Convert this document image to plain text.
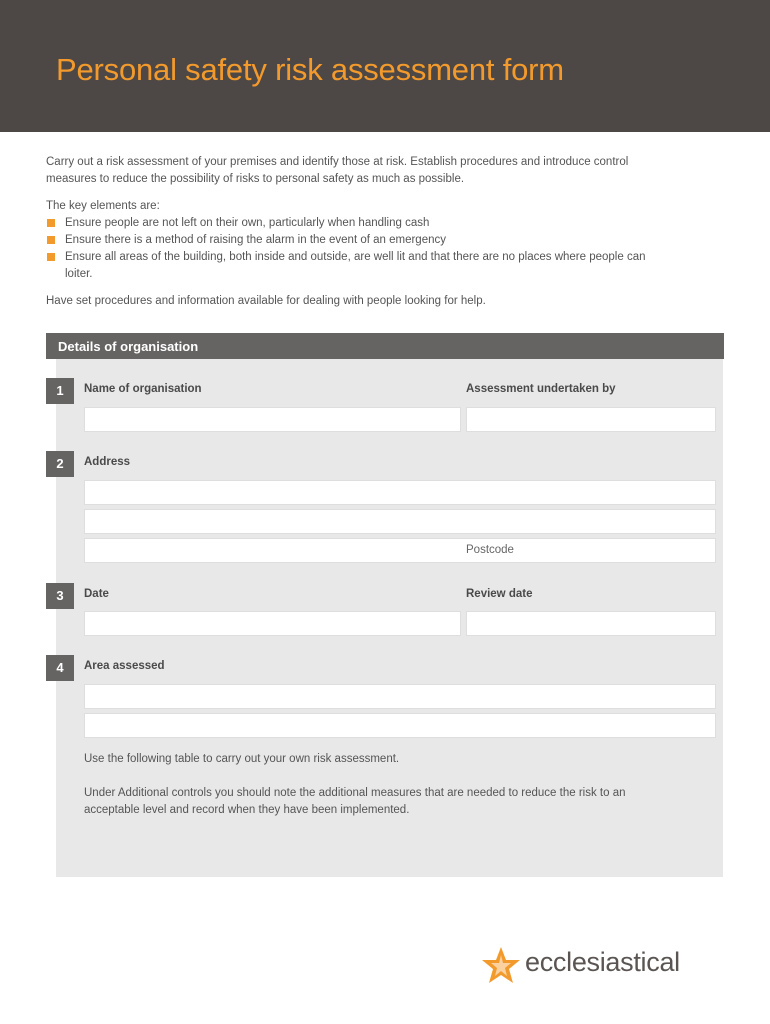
Personal safety risk assessment form

Carry out a risk assessment of your premises and identify those at risk. Establish procedures and introduce control measures to reduce the possibility of risks to personal safety as much as possible.

The key elements are:
Ensure people are not left on their own, particularly when handling cash
Ensure there is a method of raising the alarm in the event of an emergency
Ensure all areas of the building, both inside and outside, are well lit and that there are no places where people can loiter.

Have set procedures and information available for dealing with people looking for help.

Details of organisation
1	Name of organisation	Assessment undertaken by
2	Address
Postcode
3	Date	Review date
4	Area assessed
Use the following table to carry out your own risk assessment.
Under Additional controls you should note the additional measures that are needed to reduce the risk to an acceptable level and record when they have been implemented.
ecclesiastical
